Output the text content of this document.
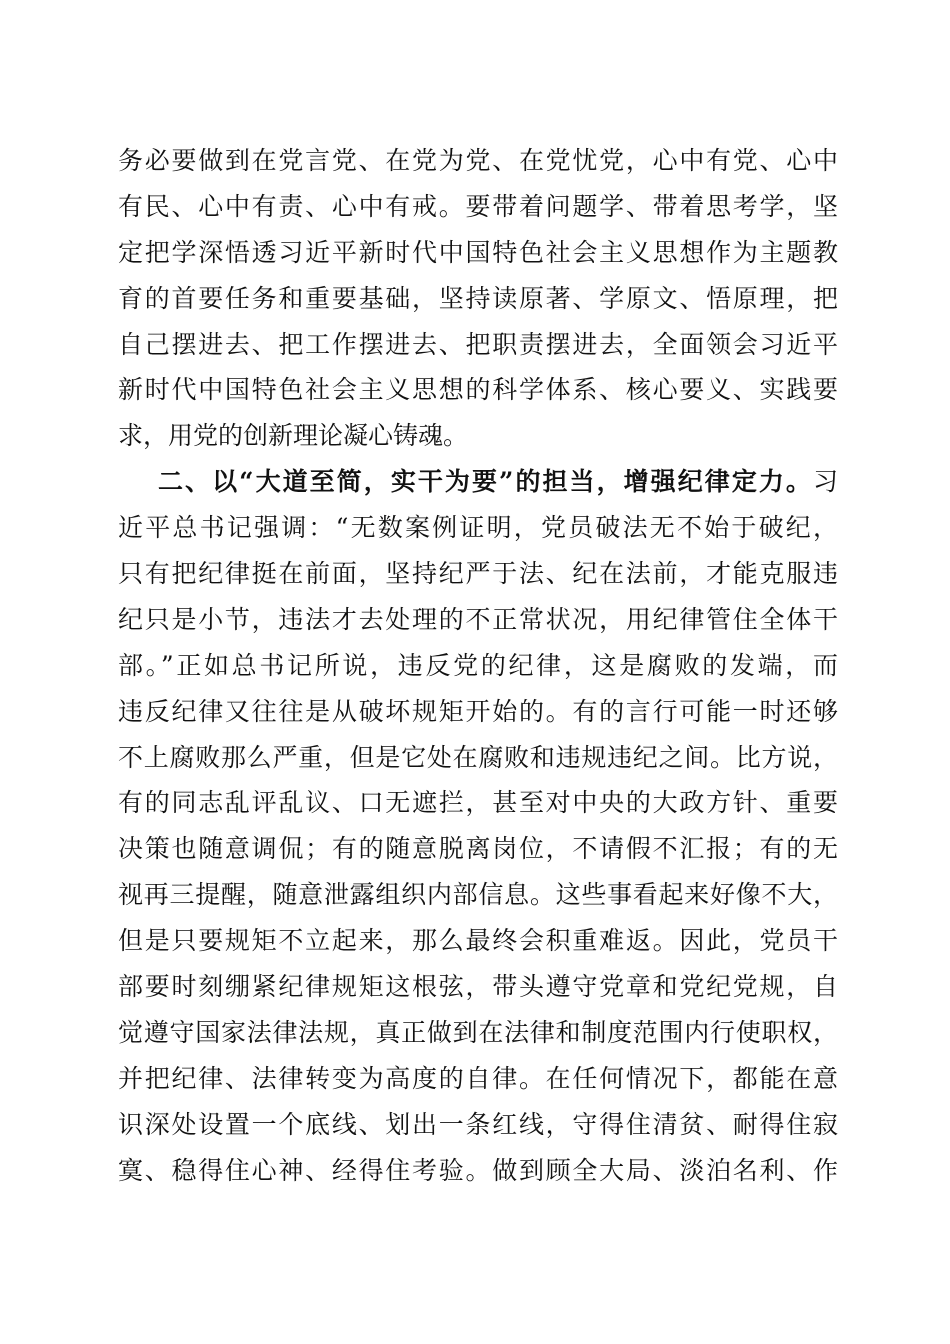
务必要做到在党言党、在党为党、在党忧党，心中有党、心中
有民、心中有责、心中有戒。要带着问题学、带着思考学，坚
定把学深悟透习近平新时代中国特色社会主义思想作为主题教
育的首要任务和重要基础，坚持读原著、学原文、悟原理，把
自己摆进去、把工作摆进去、把职责摆进去，全面领会习近平
新时代中国特色社会主义思想的科学体系、核心要义、实践要
求，用党的创新理论凝心铸魂。
二、以“大道至简，实干为要”的担当，增强纪律定力。习
近平总书记强调：“无数案例证明，党员破法无不始于破纪，
只有把纪律挺在前面，坚持纪严于法、纪在法前，才能克服违
纪只是小节，违法才去处理的不正常状况，用纪律管住全体干
部。”正如总书记所说，违反党的纪律，这是腐败的发端，而
违反纪律又往往是从破坏规矩开始的。有的言行可能一时还够
不上腐败那么严重，但是它处在腐败和违规违纪之间。比方说，
有的同志乱评乱议、口无遮拦，甚至对中央的大政方针、重要
决策也随意调侃；有的随意脱离岗位，不请假不汇报；有的无
视再三提醒，随意泄露组织内部信息。这些事看起来好像不大，
但是只要规矩不立起来，那么最终会积重难返。因此，党员干
部要时刻绷紧纪律规矩这根弦，带头遵守党章和党纪党规，自
觉遵守国家法律法规，真正做到在法律和制度范围内行使职权，
并把纪律、法律转变为高度的自律。在任何情况下，都能在意
识深处设置一个底线、划出一条红线，守得住清贫、耐得住寂
寞、稳得住心神、经得住考验。做到顾全大局、淡泊名利、作
